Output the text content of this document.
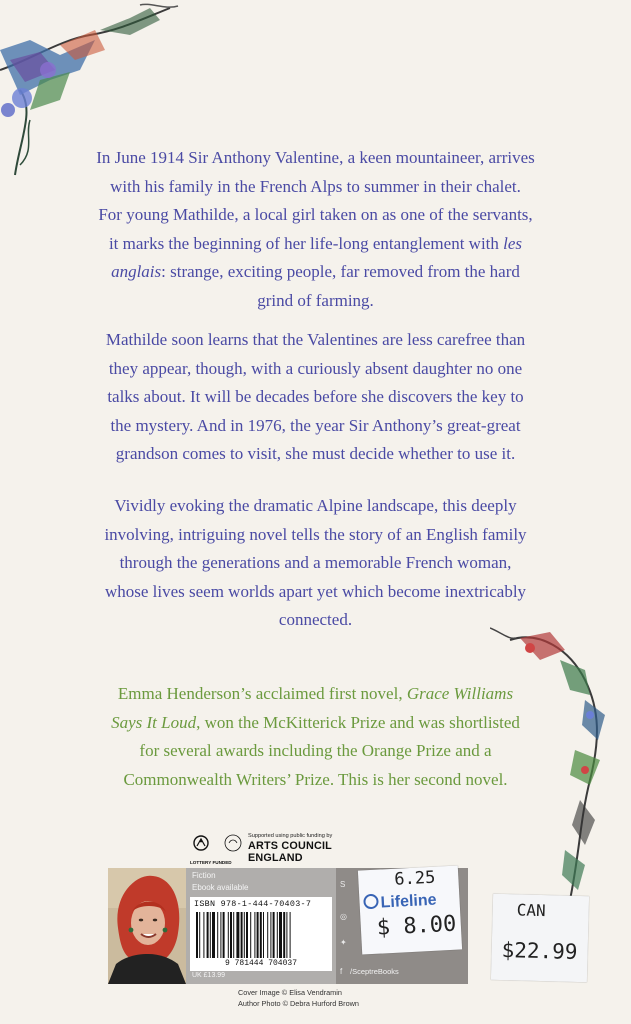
In June 1914 Sir Anthony Valentine, a keen mountaineer, arrives
with his family in the French Alps to summer in their chalet.
For young Mathilde, a local girl taken on as one of the servants,
it marks the beginning of her life-long entanglement with les
anglais: strange, exciting people, far removed from the hard
grind of farming.
Mathilde soon learns that the Valentines are less carefree than
they appear, though, with a curiously absent daughter no one
talks about. It will be decades before she discovers the key to
the mystery. And in 1976, the year Sir Anthony’s great-great
grandson comes to visit, she must decide whether to use it.
Vividly evoking the dramatic Alpine landscape, this deeply
involving, intriguing novel tells the story of an English family
through the generations and a memorable French woman,
whose lives seem worlds apart yet which become inextricably
connected.
Emma Henderson’s acclaimed first novel, Grace Williams
Says It Loud, won the McKitterick Prize and was shortlisted
for several awards including the Orange Prize and a
Commonwealth Writers’ Prize. This is her second novel.
Supported using public funding by
ARTS COUNCIL
ENGLAND
LOTTERY FUNDED
Fiction
Ebook available
ISBN 978-1-444-70403-7
9 781444 704037
UK £13.99
S
◎
✦
f /SceptreBooks
6.25
Lifeline
$ 8.00
CAN
$22.99
Cover Image © Elisa Vendramin
Author Photo © Debra Hurford Brown
